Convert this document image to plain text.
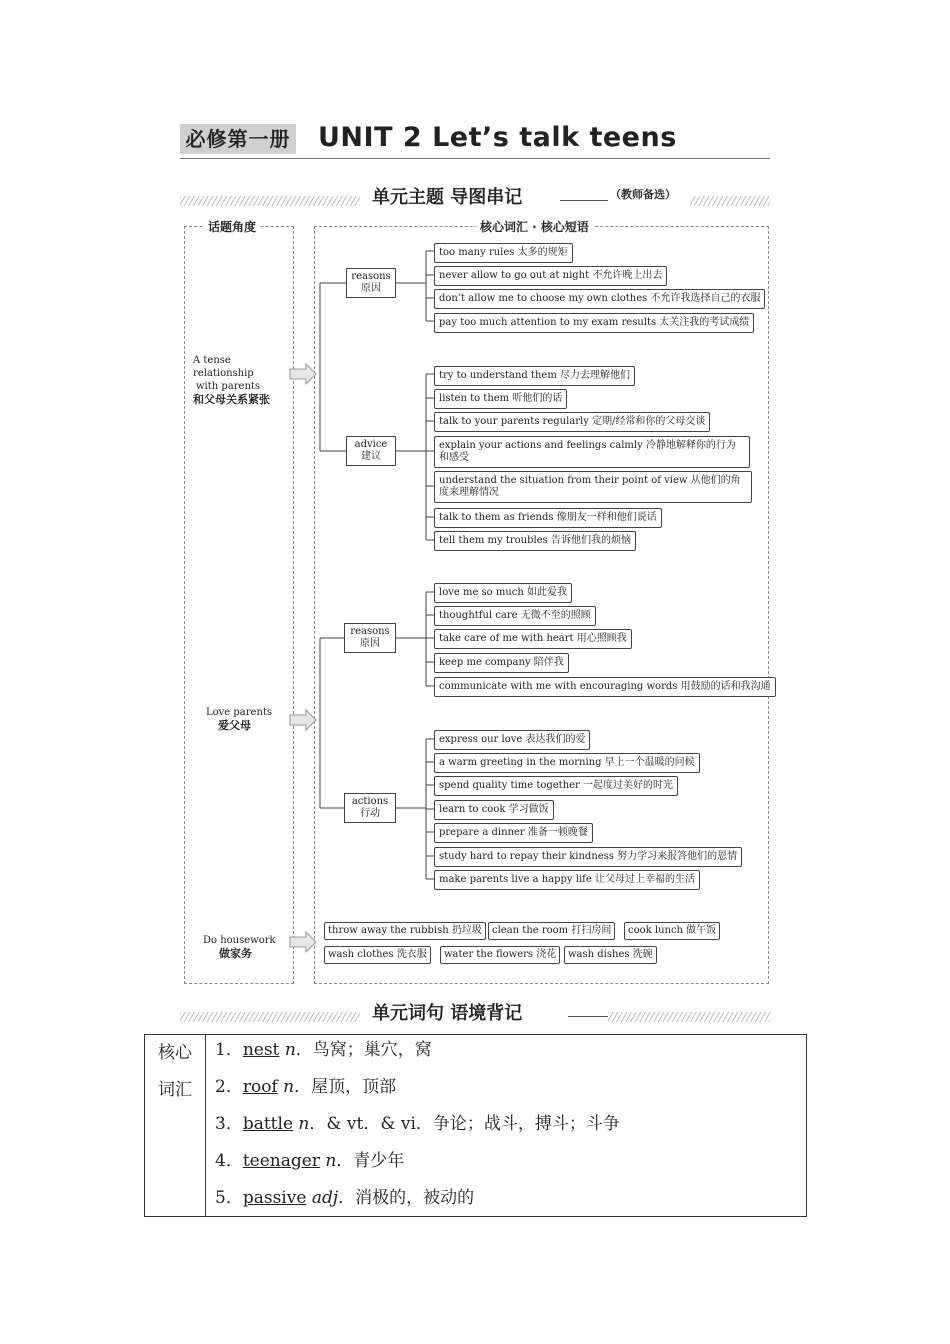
必修第一册 UNIT 2 Let’s talk teens
单元主题 导图串记	（教师备选）
话题角度	核心词汇 · 核心短语
A tense relationship
with parents
和父母关系紧张
Love parents
爱父母
Do housework
做家务
reasons
原因
advice
建议
reasons
原因
actions
行动
too many rules 太多的规矩
never allow to go out at night 不允许晚上出去
don’t allow me to choose my own clothes 不允许我选择自己的衣服
pay too much attention to my exam results 太关注我的考试成绩
try to understand them 尽力去理解他们
listen to them 听他们的话
talk to your parents regularly 定期/经常和你的父母交谈
explain your actions and feelings calmly 冷静地解释你的行为和感受
understand the situation from their point of view 从他们的角度来理解情况
talk to them as friends 像朋友一样和他们说话
tell them my troubles 告诉他们我的烦恼
love me so much 如此爱我
thoughtful care 无微不至的照顾
take care of me with heart 用心照顾我
keep me company 陪伴我
communicate with me with encouraging words 用鼓励的话和我沟通
express our love 表达我们的爱
a warm greeting in the morning 早上一个温暖的问候
spend quality time together 一起度过美好的时光
learn to cook 学习做饭
prepare a dinner 准备一顿晚餐
study hard to repay their kindness 努力学习来报答他们的恩情
make parents live a happy life 让父母过上幸福的生活
throw away the rubbish 扔垃圾	clean the room 打扫房间	cook lunch 做午饭
wash clothes 洗衣服	water the flowers 浇花	wash dishes 洗碗
单元词句 语境背记
核心
词汇
1．nest n．鸟窝；巢穴，窝
2．roof n．屋顶，顶部
3．battle n．& vt．& vi．争论；战斗，搏斗；斗争
4．teenager n．青少年
5．passive adj．消极的，被动的
